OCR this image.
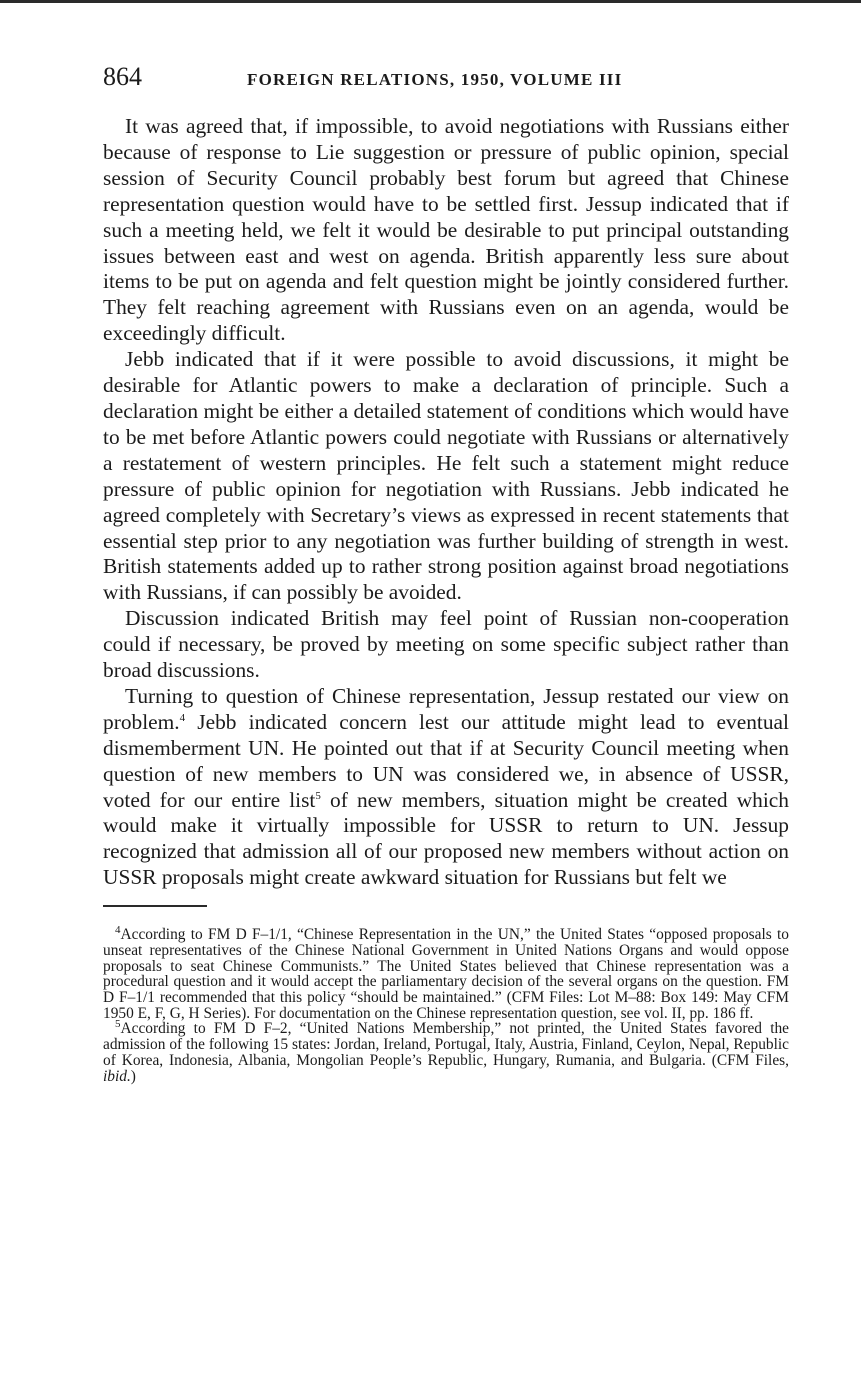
864	FOREIGN RELATIONS, 1950, VOLUME III

It was agreed that, if impossible, to avoid negotiations with Russians either because of response to Lie suggestion or pressure of public opinion, special session of Security Council probably best forum but agreed that Chinese representation question would have to be settled first. Jessup indicated that if such a meeting held, we felt it would be desirable to put principal outstanding issues between east and west on agenda. British apparently less sure about items to be put on agenda and felt question might be jointly considered further. They felt reaching agreement with Russians even on an agenda, would be exceedingly difficult.

Jebb indicated that if it were possible to avoid discussions, it might be desirable for Atlantic powers to make a declaration of principle. Such a declaration might be either a detailed statement of conditions which would have to be met before Atlantic powers could negotiate with Russians or alternatively a restatement of western principles. He felt such a statement might reduce pressure of public opinion for negotiation with Russians. Jebb indicated he agreed completely with Secretary’s views as expressed in recent statements that essential step prior to any negotiation was further building of strength in west. British statements added up to rather strong position against broad negotiations with Russians, if can possibly be avoided.

Discussion indicated British may feel point of Russian non-cooperation could if necessary, be proved by meeting on some specific subject rather than broad discussions.

Turning to question of Chinese representation, Jessup restated our view on problem.$^4$ Jebb indicated concern lest our attitude might lead to eventual dismemberment UN. He pointed out that if at Security Council meeting when question of new members to UN was considered we, in absence of USSR, voted for our entire list$^5$ of new members, situation might be created which would make it virtually impossible for USSR to return to UN. Jessup recognized that admission all of our proposed new members without action on USSR proposals might create awkward situation for Russians but felt we

$^4$According to FM D F–1/1, “Chinese Representation in the UN,” the United States “opposed proposals to unseat representatives of the Chinese National Government in United Nations Organs and would oppose proposals to seat Chinese Communists.” The United States believed that Chinese representation was a procedural question and it would accept the parliamentary decision of the several organs on the question. FM D F–1/1 recommended that this policy “should be maintained.” (CFM Files: Lot M–88: Box 149: May CFM 1950 E, F, G, H Series). For documentation on the Chinese representation question, see vol. II, pp. 186 ff.

$^5$According to FM D F–2, “United Nations Membership,” not printed, the United States favored the admission of the following 15 states: Jordan, Ireland, Portugal, Italy, Austria, Finland, Ceylon, Nepal, Republic of Korea, Indonesia, Albania, Mongolian People’s Republic, Hungary, Rumania, and Bulgaria. (CFM Files, ibid.)
